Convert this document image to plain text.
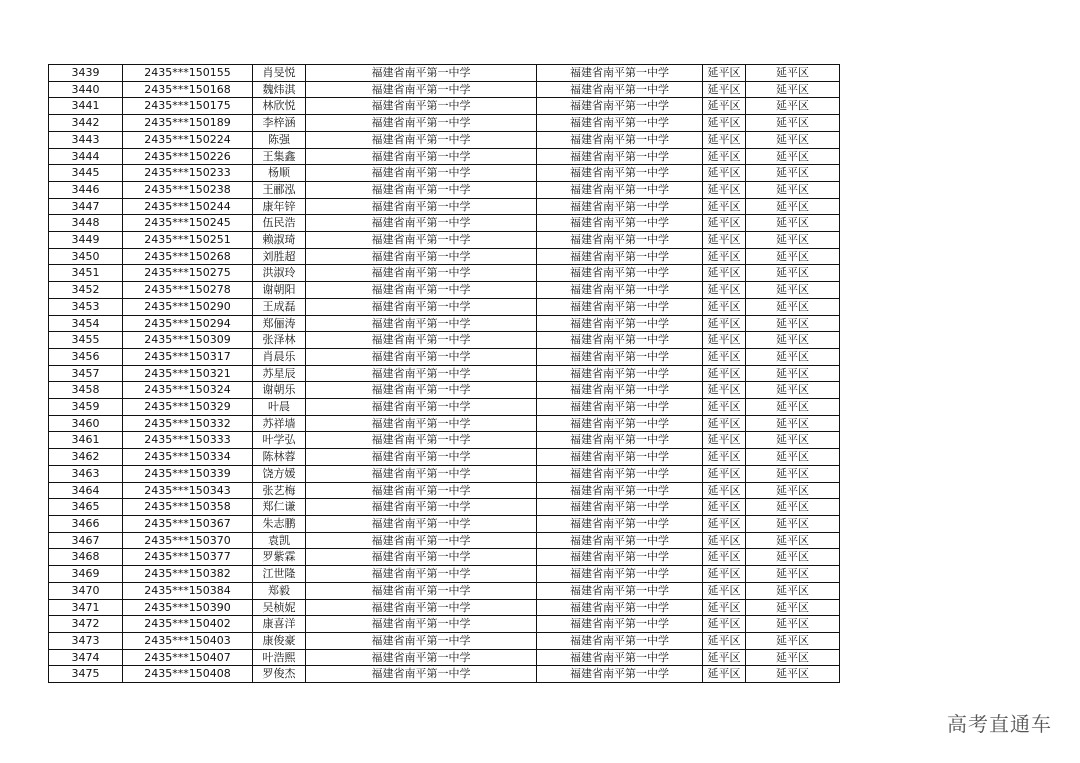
3439	2435***150155	肖旻悦	福建省南平第一中学	福建省南平第一中学	延平区	延平区
3440	2435***150168	魏炜淇	福建省南平第一中学	福建省南平第一中学	延平区	延平区
3441	2435***150175	林欣悦	福建省南平第一中学	福建省南平第一中学	延平区	延平区
3442	2435***150189	李梓涵	福建省南平第一中学	福建省南平第一中学	延平区	延平区
3443	2435***150224	陈强	福建省南平第一中学	福建省南平第一中学	延平区	延平区
3444	2435***150226	王集鑫	福建省南平第一中学	福建省南平第一中学	延平区	延平区
3445	2435***150233	杨顺	福建省南平第一中学	福建省南平第一中学	延平区	延平区
3446	2435***150238	王郦泓	福建省南平第一中学	福建省南平第一中学	延平区	延平区
3447	2435***150244	康年锌	福建省南平第一中学	福建省南平第一中学	延平区	延平区
3448	2435***150245	伍民浩	福建省南平第一中学	福建省南平第一中学	延平区	延平区
3449	2435***150251	赖淑琦	福建省南平第一中学	福建省南平第一中学	延平区	延平区
3450	2435***150268	刘胜超	福建省南平第一中学	福建省南平第一中学	延平区	延平区
3451	2435***150275	洪淑玲	福建省南平第一中学	福建省南平第一中学	延平区	延平区
3452	2435***150278	谢朝阳	福建省南平第一中学	福建省南平第一中学	延平区	延平区
3453	2435***150290	王成磊	福建省南平第一中学	福建省南平第一中学	延平区	延平区
3454	2435***150294	郑俪涛	福建省南平第一中学	福建省南平第一中学	延平区	延平区
3455	2435***150309	张泽林	福建省南平第一中学	福建省南平第一中学	延平区	延平区
3456	2435***150317	肖晨乐	福建省南平第一中学	福建省南平第一中学	延平区	延平区
3457	2435***150321	苏星辰	福建省南平第一中学	福建省南平第一中学	延平区	延平区
3458	2435***150324	谢朝乐	福建省南平第一中学	福建省南平第一中学	延平区	延平区
3459	2435***150329	叶晨	福建省南平第一中学	福建省南平第一中学	延平区	延平区
3460	2435***150332	苏祥墙	福建省南平第一中学	福建省南平第一中学	延平区	延平区
3461	2435***150333	叶学弘	福建省南平第一中学	福建省南平第一中学	延平区	延平区
3462	2435***150334	陈林蓉	福建省南平第一中学	福建省南平第一中学	延平区	延平区
3463	2435***150339	饶方媛	福建省南平第一中学	福建省南平第一中学	延平区	延平区
3464	2435***150343	张艺梅	福建省南平第一中学	福建省南平第一中学	延平区	延平区
3465	2435***150358	郑仁谦	福建省南平第一中学	福建省南平第一中学	延平区	延平区
3466	2435***150367	朱志鹏	福建省南平第一中学	福建省南平第一中学	延平区	延平区
3467	2435***150370	袁凯	福建省南平第一中学	福建省南平第一中学	延平区	延平区
3468	2435***150377	罗紫霖	福建省南平第一中学	福建省南平第一中学	延平区	延平区
3469	2435***150382	江世隆	福建省南平第一中学	福建省南平第一中学	延平区	延平区
3470	2435***150384	郑毅	福建省南平第一中学	福建省南平第一中学	延平区	延平区
3471	2435***150390	吴桢妮	福建省南平第一中学	福建省南平第一中学	延平区	延平区
3472	2435***150402	康喜洋	福建省南平第一中学	福建省南平第一中学	延平区	延平区
3473	2435***150403	康俊豪	福建省南平第一中学	福建省南平第一中学	延平区	延平区
3474	2435***150407	叶浩熙	福建省南平第一中学	福建省南平第一中学	延平区	延平区
3475	2435***150408	罗俊杰	福建省南平第一中学	福建省南平第一中学	延平区	延平区
高考直通车
